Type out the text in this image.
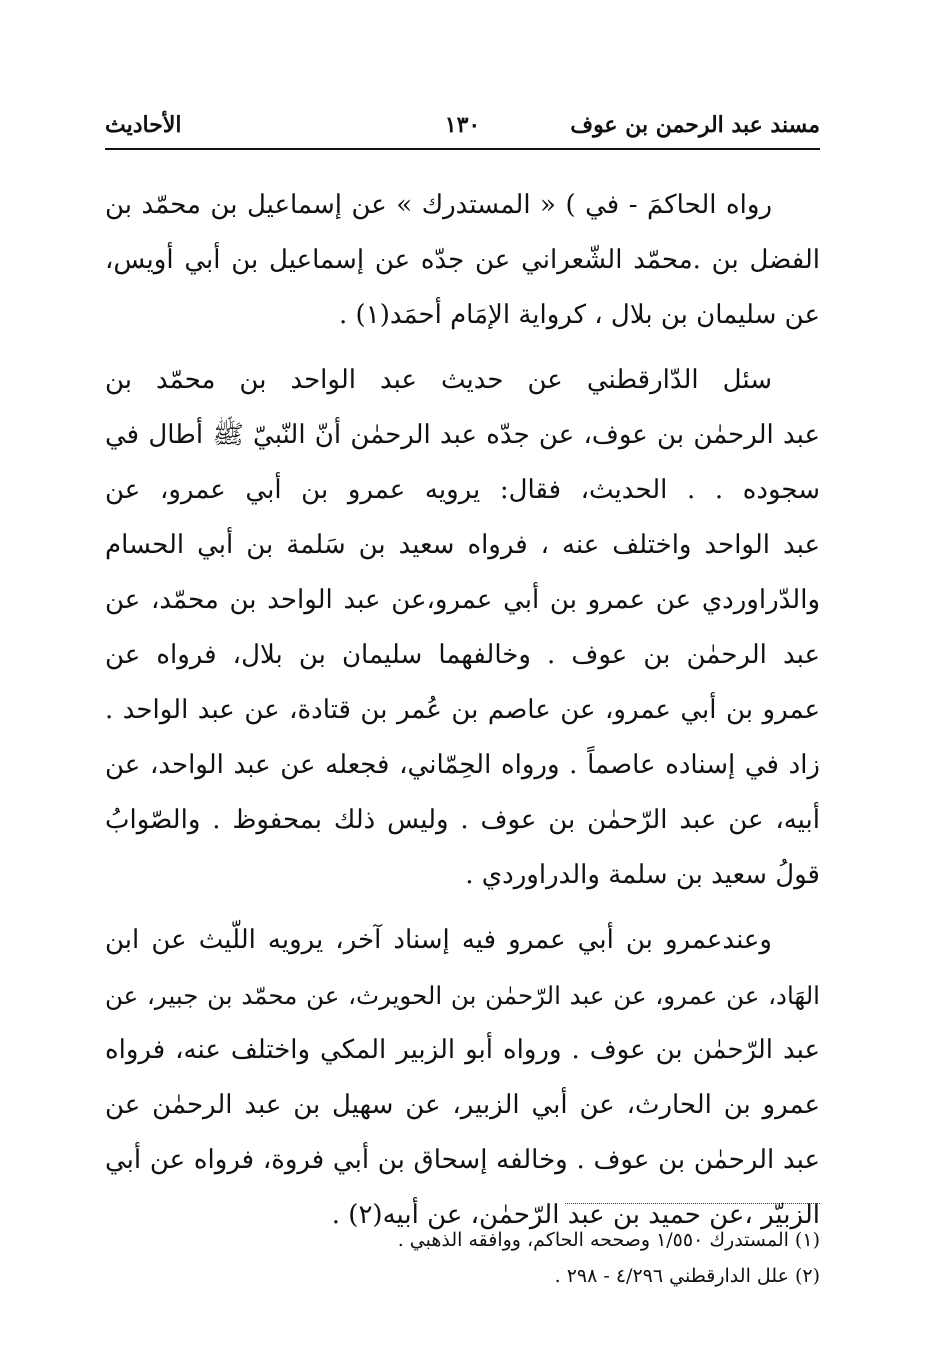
مسند عبد الرحمن بن عوف
١٣٠
الأحاديث

رواه الحاكمَ - في ) « المستدرك » عن إسماعيل بن محمّد بن
الفضل بن .محمّد الشّعراني عن جدّه عن إسماعيل بن أبي أويس،
عن سليمان بن بلال ، كرواية الإمَام أحمَد(١) .

سئل الدّارقطني عن حديث عبد الواحد بن محمّد بن
عبد الرحمٰن بن عوف، عن جدّه عبد الرحمٰن أنّ النّبيّ ﷺ أطال في
سجوده . . الحديث، فقال: يرويه عمرو بن أبي عمرو، عن
عبد الواحد واختلف عنه ، فرواه سعيد بن سَلمة بن أبي الحسام
والدّراوردي عن عمرو بن أبي عمرو،عن عبد الواحد بن محمّد، عن
عبد الرحمٰن بن عوف . وخالفهما سليمان بن بلال، فرواه عن
عمرو بن أبي عمرو، عن عاصم بن عُمر بن قتادة، عن عبد الواحد .
زاد في إسناده عاصماً . ورواه الحِمّاني، فجعله عن عبد الواحد، عن
أبيه، عن عبد الرّحمٰن بن عوف . وليس ذلك بمحفوظ . والصّوابُ
قولُ سعيد بن سلمة والدراوردي .

وعندعمرو بن أبي عمرو فيه إسناد آخر، يرويه اللّيث عن ابن
الهَاد، عن عمرو، عن عبد الرّحمٰن بن الحويرث، عن محمّد بن جبير، عن
عبد الرّحمٰن بن عوف . ورواه أبو الزبير المكي واختلف عنه، فرواه
عمرو بن الحارث، عن أبي الزبير، عن سهيل بن عبد الرحمٰن عن
عبد الرحمٰن بن عوف . وخالفه إسحاق بن أبي فروة، فرواه عن أبي
الزبيّر ،عن حميد بن عبد الرّحمٰن، عن أبيه(٢) .

(١) المستدرك ١/٥٥٠ وصححه الحاكم، ووافقه الذهبي .
(٢) علل الدارقطني ٤/٢٩٦ - ٢٩٨ .
